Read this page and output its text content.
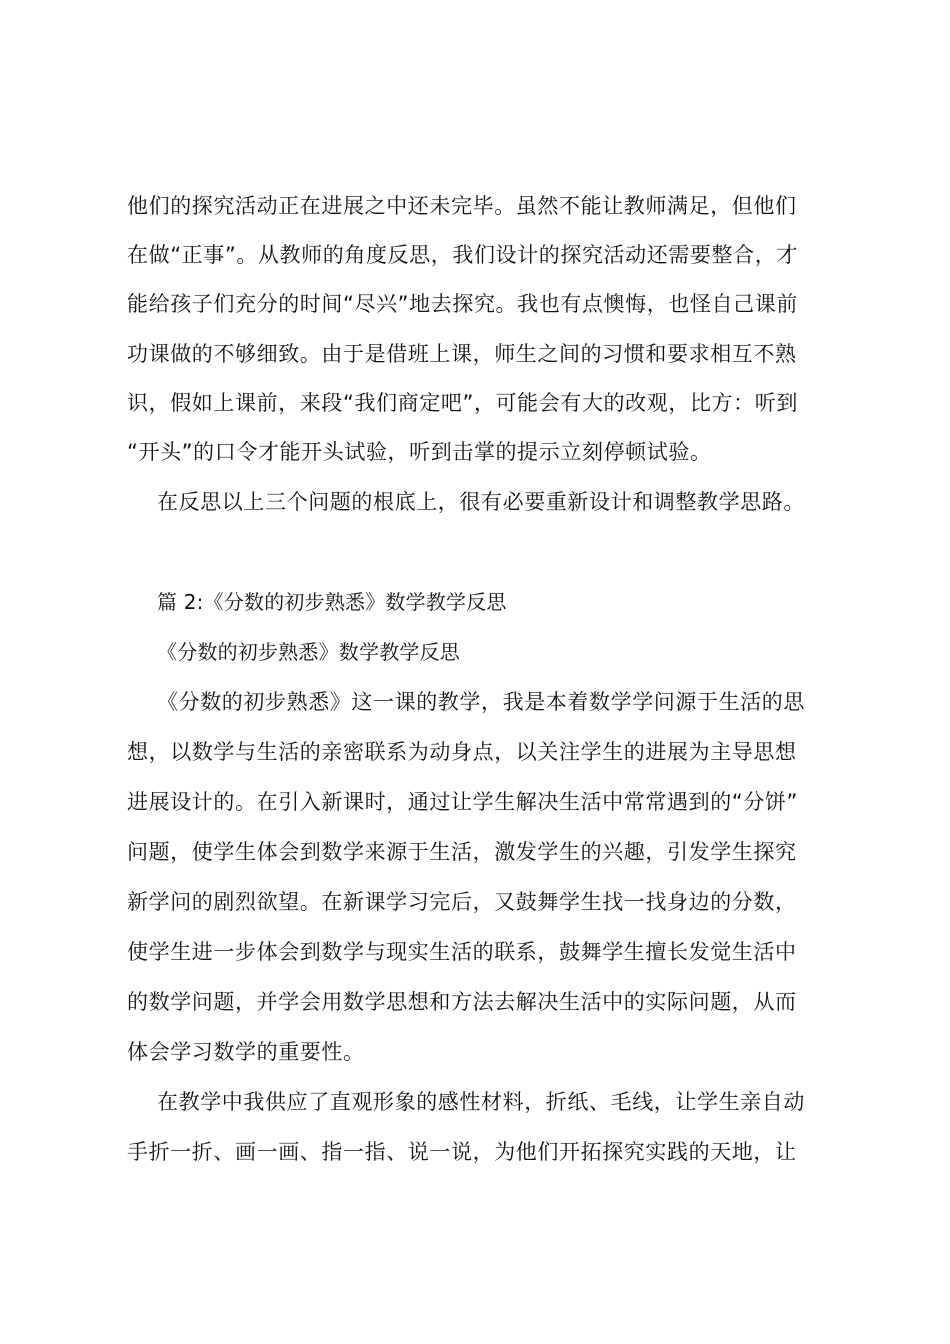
他们的探究活动正在进展之中还未完毕。虽然不能让教师满足，但他们
在做“正事”。从教师的角度反思，我们设计的探究活动还需要整合，才
能给孩子们充分的时间“尽兴”地去探究。我也有点懊悔，也怪自己课前
功课做的不够细致。由于是借班上课，师生之间的习惯和要求相互不熟
识，假如上课前，来段“我们商定吧”，可能会有大的改观，比方：听到
“开头”的口令才能开头试验，听到击掌的提示立刻停顿试验。
在反思以上三个问题的根底上，很有必要重新设计和调整教学思路。
篇 2:《分数的初步熟悉》数学教学反思
《分数的初步熟悉》数学教学反思
《分数的初步熟悉》这一课的教学，我是本着数学学问源于生活的思
想，以数学与生活的亲密联系为动身点，以关注学生的进展为主导思想
进展设计的。在引入新课时，通过让学生解决生活中常常遇到的“分饼”
问题，使学生体会到数学来源于生活，激发学生的兴趣，引发学生探究
新学问的剧烈欲望。在新课学习完后，又鼓舞学生找一找身边的分数，
使学生进一步体会到数学与现实生活的联系，鼓舞学生擅长发觉生活中
的数学问题，并学会用数学思想和方法去解决生活中的实际问题，从而
体会学习数学的重要性。
在教学中我供应了直观形象的感性材料，折纸、毛线，让学生亲自动
手折一折、画一画、指一指、说一说，为他们开拓探究实践的天地，让
